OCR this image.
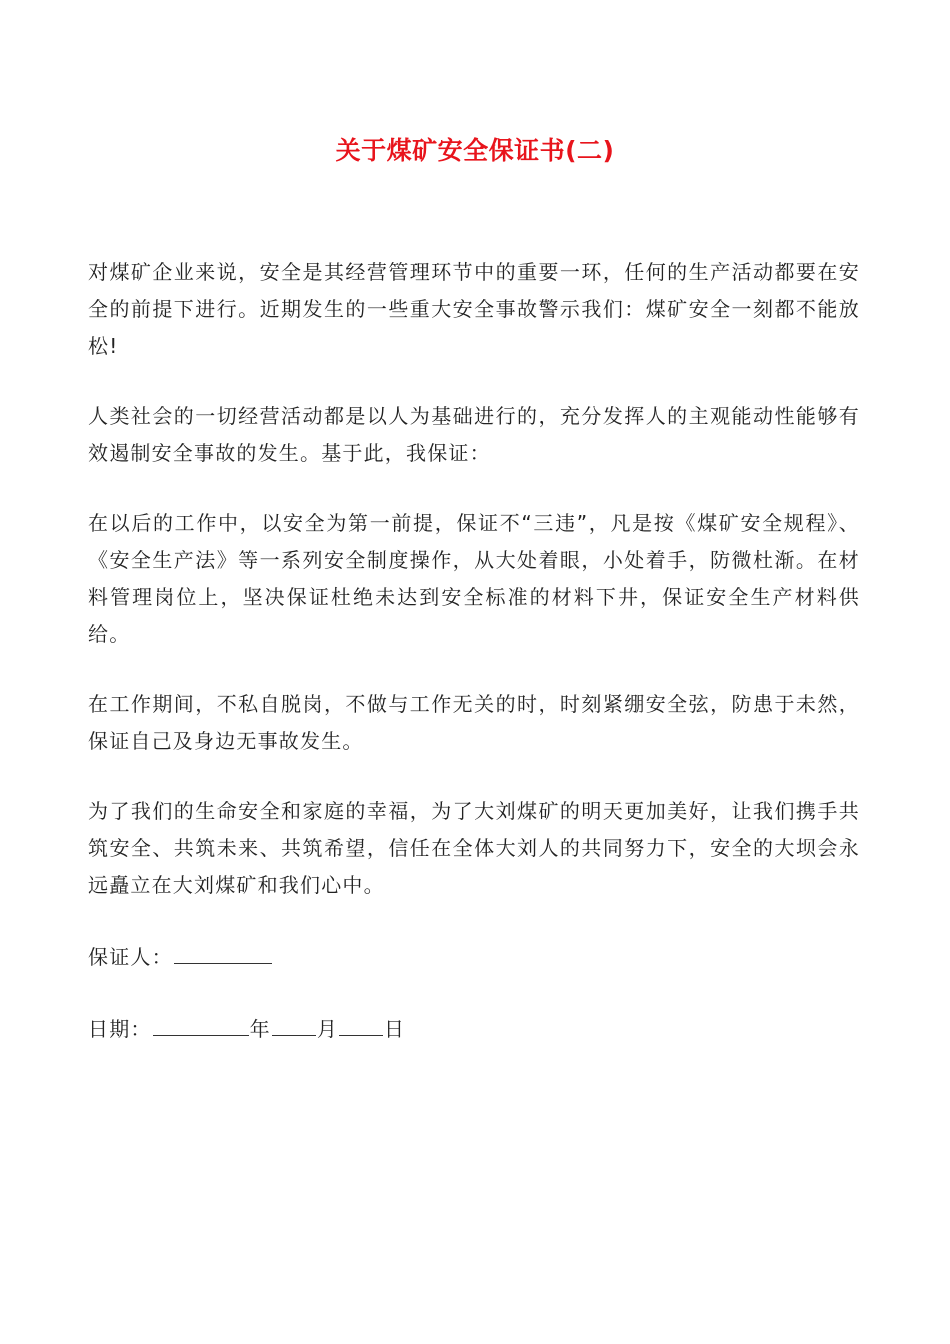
关于煤矿安全保证书(二)

对煤矿企业来说，安全是其经营管理环节中的重要一环，任何的生产活动都要在安全的前提下进行。近期发生的一些重大安全事故警示我们：煤矿安全一刻都不能放松!

人类社会的一切经营活动都是以人为基础进行的，充分发挥人的主观能动性能够有效遏制安全事故的发生。基于此，我保证：

在以后的工作中，以安全为第一前提，保证不“三违”，凡是按《煤矿安全规程》、《安全生产法》等一系列安全制度操作，从大处着眼，小处着手，防微杜渐。在材料管理岗位上，坚决保证杜绝未达到安全标准的材料下井，保证安全生产材料供给。

在工作期间，不私自脱岗，不做与工作无关的时，时刻紧绷安全弦，防患于未然，保证自己及身边无事故发生。

为了我们的生命安全和家庭的幸福，为了大刘煤矿的明天更加美好，让我们携手共筑安全、共筑未来、共筑希望，信任在全体大刘人的共同努力下，安全的大坝会永远矗立在大刘煤矿和我们心中。

保证人：
日期：	年 月 日
